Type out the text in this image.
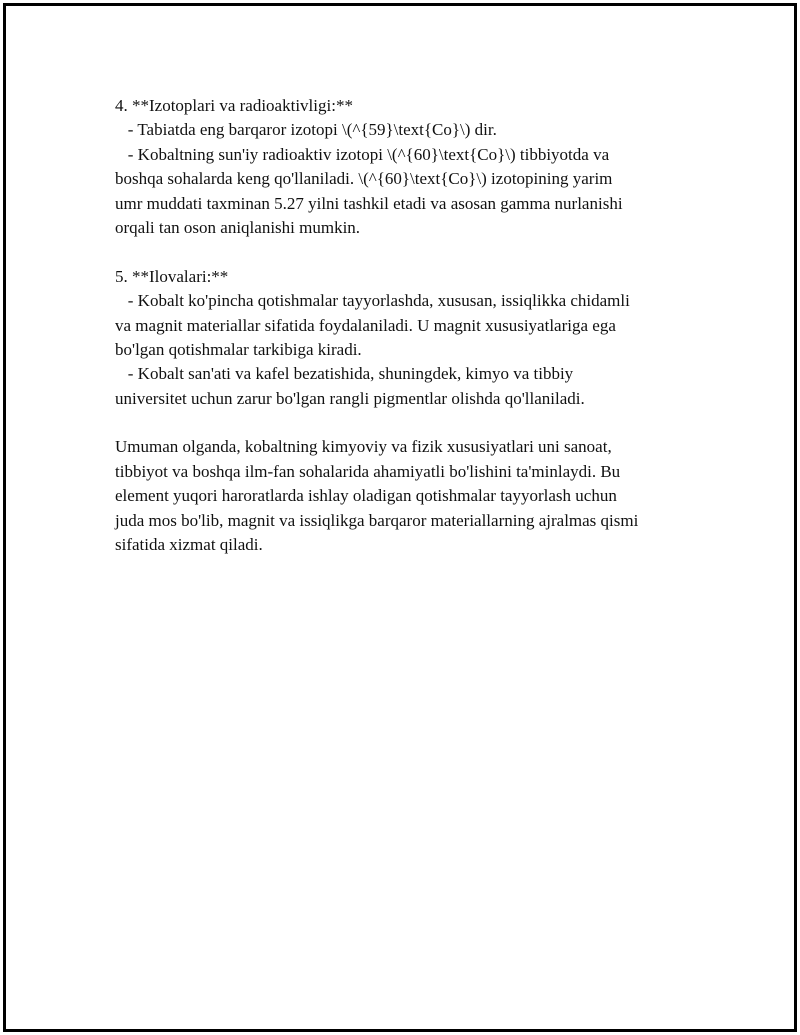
4. **Izotoplari va radioaktivligi:**
- Tabiatda eng barqaror izotopi \(^{59}\text{Co}\) dir.
- Kobaltning sun'iy radioaktiv izotopi \(^{60}\text{Co}\) tibbiyotda va
boshqa sohalarda keng qo'llaniladi. \(^{60}\text{Co}\) izotopining yarim
umr muddati taxminan 5.27 yilni tashkil etadi va asosan gamma nurlanishi
orqali tan oson aniqlanishi mumkin.
5. **Ilovalari:**
- Kobalt ko'pincha qotishmalar tayyorlashda, xususan, issiqlikka chidamli
va magnit materiallar sifatida foydalaniladi. U magnit xususiyatlariga ega
bo'lgan qotishmalar tarkibiga kiradi.
- Kobalt san'ati va kafel bezatishida, shuningdek, kimyo va tibbiy
universitet uchun zarur bo'lgan rangli pigmentlar olishda qo'llaniladi.
Umuman olganda, kobaltning kimyoviy va fizik xususiyatlari uni sanoat,
tibbiyot va boshqa ilm-fan sohalarida ahamiyatli bo'lishini ta'minlaydi. Bu
element yuqori haroratlarda ishlay oladigan qotishmalar tayyorlash uchun
juda mos bo'lib, magnit va issiqlikga barqaror materiallarning ajralmas qismi
sifatida xizmat qiladi.
